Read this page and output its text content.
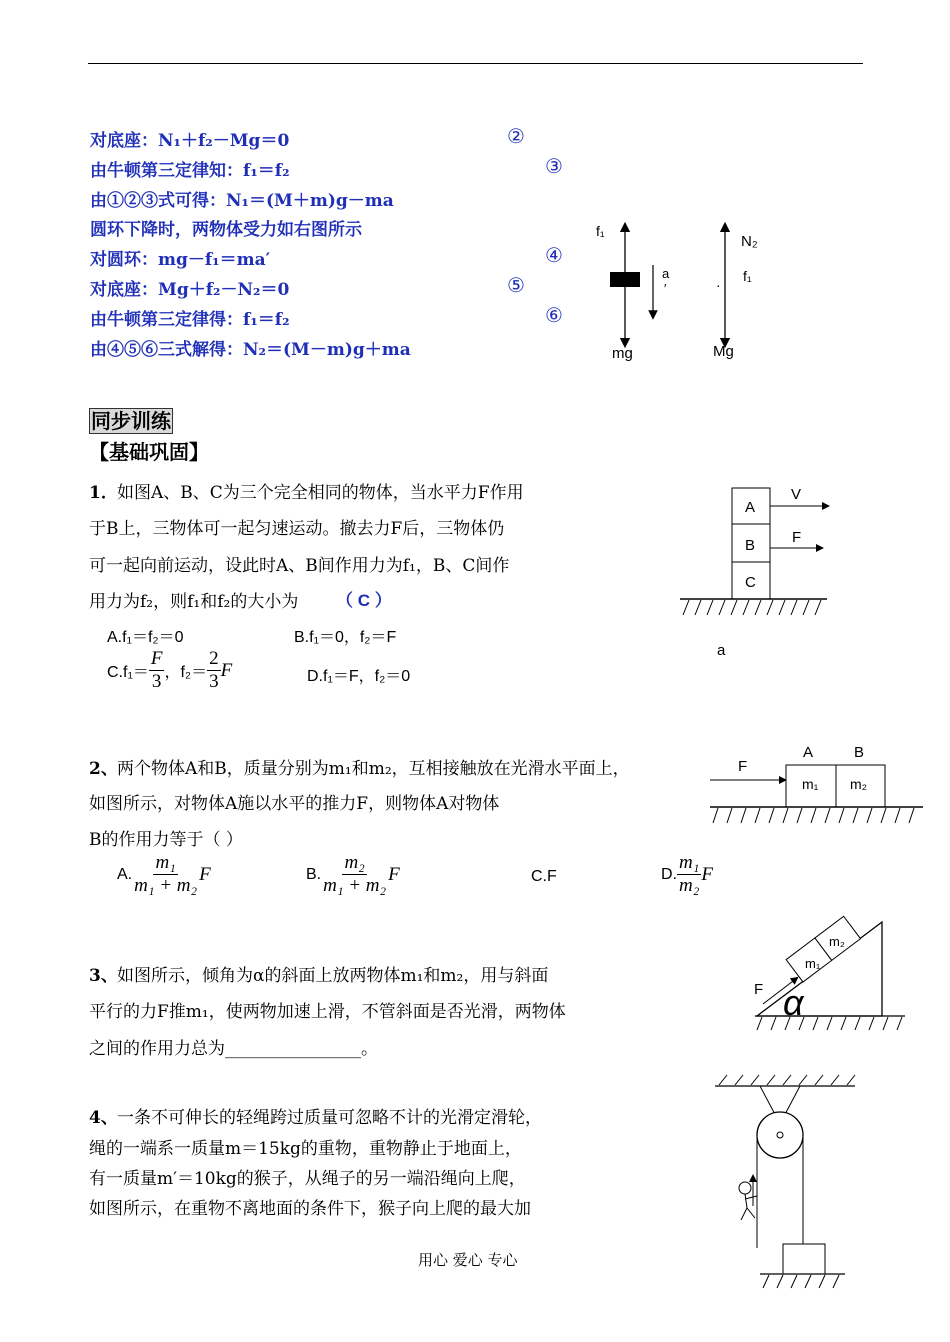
对底座：N₁＋f₂－Mg＝0
由牛顿第三定律知：f₁＝f₂
由①②③式可得：N₁＝(M＋m)g－ma
圆环下降时，两物体受力如右图所示
对圆环：mg－f₁＝ma′
对底座：Mg＋f₂－N₂＝0
由牛顿第三定律得：f₁＝f₂
由④⑤⑥三式解得：N₂＝(M－m)g＋ma
②
③
④
⑤
⑥
f₁
a
′
mg
N₂
f₁
·
Mg
同步训练
【基础巩固】
1． 如图A、B、C为三个完全相同的物体，当水平力F作用
于B上，三物体可一起匀速运动。撤去力F后，三物体仍
可一起向前运动，设此时A、B间作用力为f₁，B、C间作
用力为f₂，则f₁和f₂的大小为 （ C ）
A.f₁＝f₂＝0	B.f₁＝0，f₂＝F
$C.f_1= \frac{F}{3}$ ，$f_2= \frac{2}{3}$ F	D.f₁＝F，f₂＝0
A
B
C
V
F
a
2、 两个物体A和B，质量分别为m₁和m₂，互相接触放在光滑水平面上，
如图所示，对物体A施以水平的推力F，则物体A对物体
B的作用力等于（ ）
A. $\frac{\text{m₁}}{\text{m₁ + m₂}}$ F	B. $\frac{\text{m₂}}{\text{m₁ + m₂}}$ F	C.F	D. $\frac{\text{m₁}}{\text{m₂}}$ F
F
m₁ m₂
A	B
3、 如图所示，倾角为α的斜面上放两物体m₁和m₂，用与斜面
平行的力F推m₁，使两物加速上滑，不管斜面是否光滑，两物体
之间的作用力总为________________。
m₁
m₂
F α
4、 一条不可伸长的轻绳跨过质量可忽略不计的光滑定滑轮，
绳的一端系一质量m＝15kg的重物，重物静止于地面上，
有一质量m′＝10kg的猴子，从绳子的另一端沿绳向上爬，
如图所示，在重物不离地面的条件下，猴子向上爬的最大加
用心 爱心 专心
